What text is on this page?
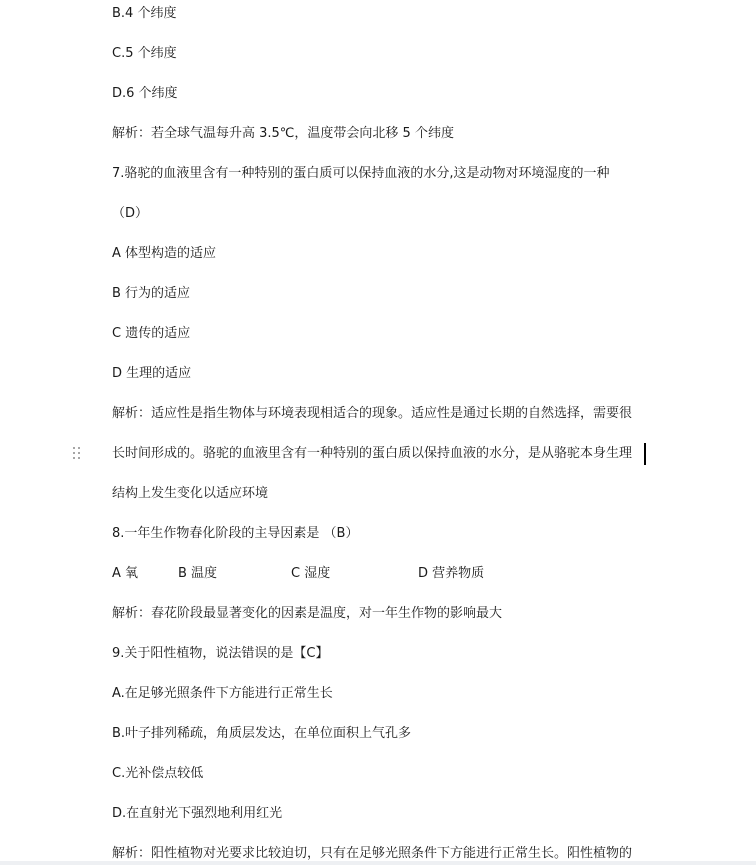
B.4 个纬度
C.5 个纬度
D.6 个纬度
解析：若全球气温每升高 3.5℃，温度带会向北移 5 个纬度
7.骆驼的血液里含有一种特别的蛋白质可以保持血液的水分,这是动物对环境湿度的一种
（D）
A 体型构造的适应
B 行为的适应
C 遗传的适应
D 生理的适应
解析：适应性是指生物体与环境表现相适合的现象。适应性是通过长期的自然选择，需要很
长时间形成的。骆驼的血液里含有一种特别的蛋白质以保持血液的水分，是从骆驼本身生理
结构上发生变化以适应环境
8.一年生作物春化阶段的主导因素是 （B）
A 氧	B 温度	C 湿度	D 营养物质
解析：春花阶段最显著变化的因素是温度，对一年生作物的影响最大
9.关于阳性植物，说法错误的是【C】
A.在足够光照条件下方能进行正常生长
B.叶子排列稀疏，角质层发达，在单位面积上气孔多
C.光补偿点较低
D.在直射光下强烈地利用红光
解析：阳性植物对光要求比较迫切，只有在足够光照条件下方能进行正常生长。阳性植物的
